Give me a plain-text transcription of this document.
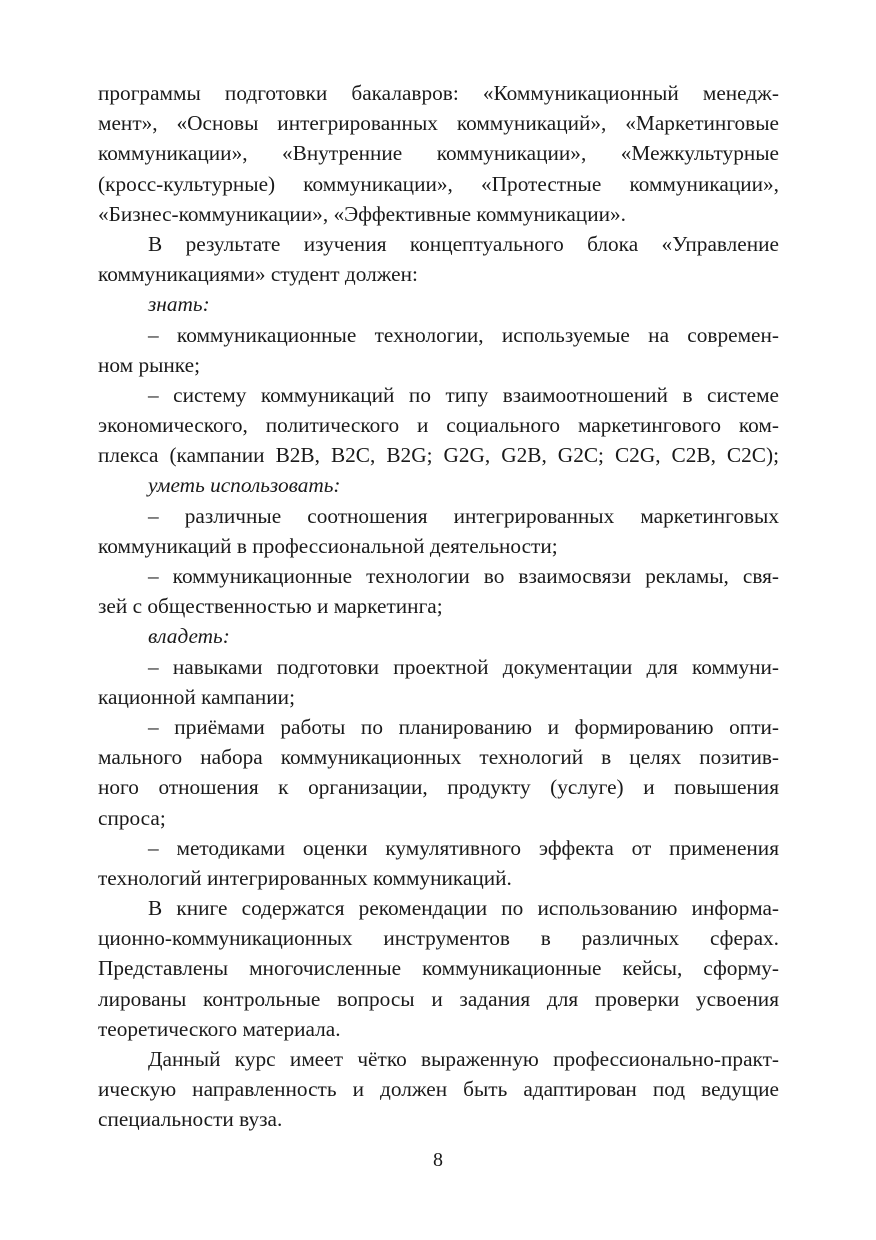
программы подготовки бакалавров: «Коммуникационный менедж-
мент», «Основы интегрированных коммуникаций», «Маркетинговые
коммуникации», «Внутренние коммуникации», «Межкультурные
(кросс-культурные) коммуникации», «Протестные коммуникации»,
«Бизнес-коммуникации», «Эффективные коммуникации».
В результате изучения концептуального блока «Управление
коммуникациями» студент должен:
знать:
– коммуникационные технологии, используемые на современ-
ном рынке;
– систему коммуникаций по типу взаимоотношений в системе
экономического, политического и социального маркетингового ком-
плекса (кампании B2B, B2C, B2G; G2G, G2B, G2C; C2G, C2B, C2C);
уметь использовать:
– различные соотношения интегрированных маркетинговых
коммуникаций в профессиональной деятельности;
– коммуникационные технологии во взаимосвязи рекламы, свя-
зей с общественностью и маркетинга;
владеть:
– навыками подготовки проектной документации для коммуни-
кационной кампании;
– приёмами работы по планированию и формированию опти-
мального набора коммуникационных технологий в целях позитив-
ного отношения к организации, продукту (услуге) и повышения
спроса;
– методиками оценки кумулятивного эффекта от применения
технологий интегрированных коммуникаций.
В книге содержатся рекомендации по использованию информа-
ционно-коммуникационных инструментов в различных сферах.
Представлены многочисленные коммуникационные кейсы, сформу-
лированы контрольные вопросы и задания для проверки усвоения
теоретического материала.
Данный курс имеет чётко выраженную профессионально-практ-
ическую направленность и должен быть адаптирован под ведущие
специальности вуза.
8
